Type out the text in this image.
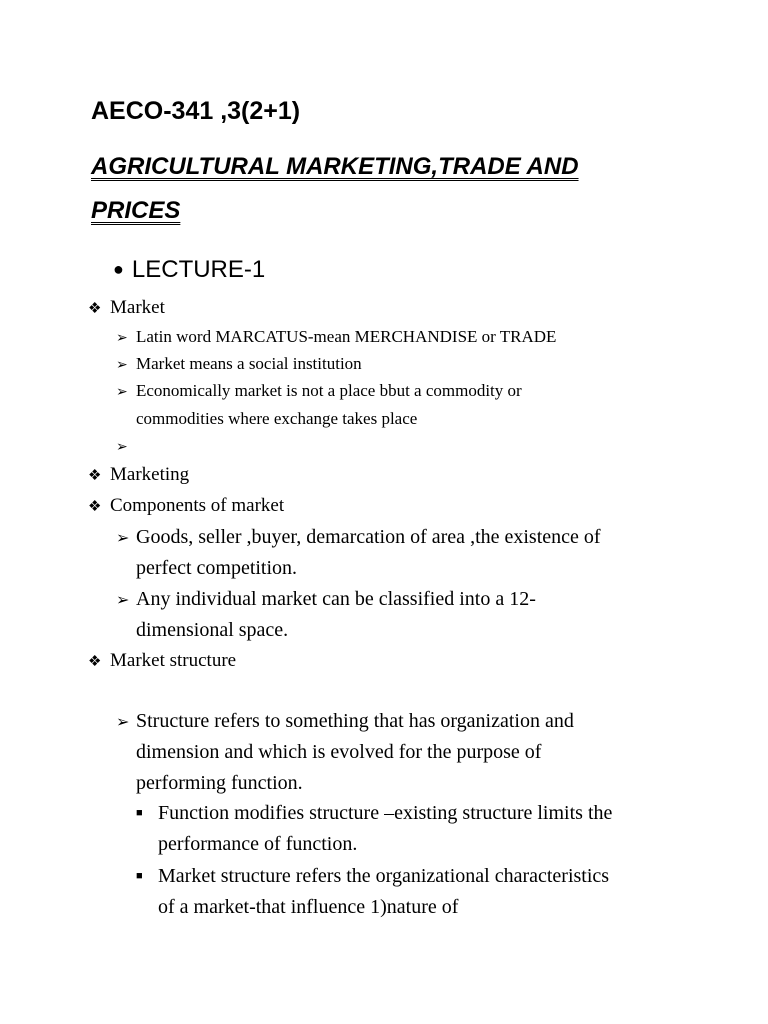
AECO-341 ,3(2+1)
AGRICULTURAL MARKETING,TRADE AND
PRICES
● LECTURE-1
❖ Market
➢ Latin word MARCATUS-mean MERCHANDISE or TRADE
➢ Market means a social institution
➢ Economically market is not a place bbut a commodity or
commodities where exchange takes place
➢
❖ Marketing
❖ Components of market
➢ Goods, seller ,buyer, demarcation of area ,the existence of
perfect competition.
➢ Any individual market can be classified into a 12-
dimensional space.
❖ Market structure
➢ Structure refers to something that has organization and
dimension and which is evolved for the purpose of
performing function.
■ Function modifies structure –existing structure limits the
performance of function.
■ Market structure refers the organizational characteristics
of a market-that influence 1)nature of
